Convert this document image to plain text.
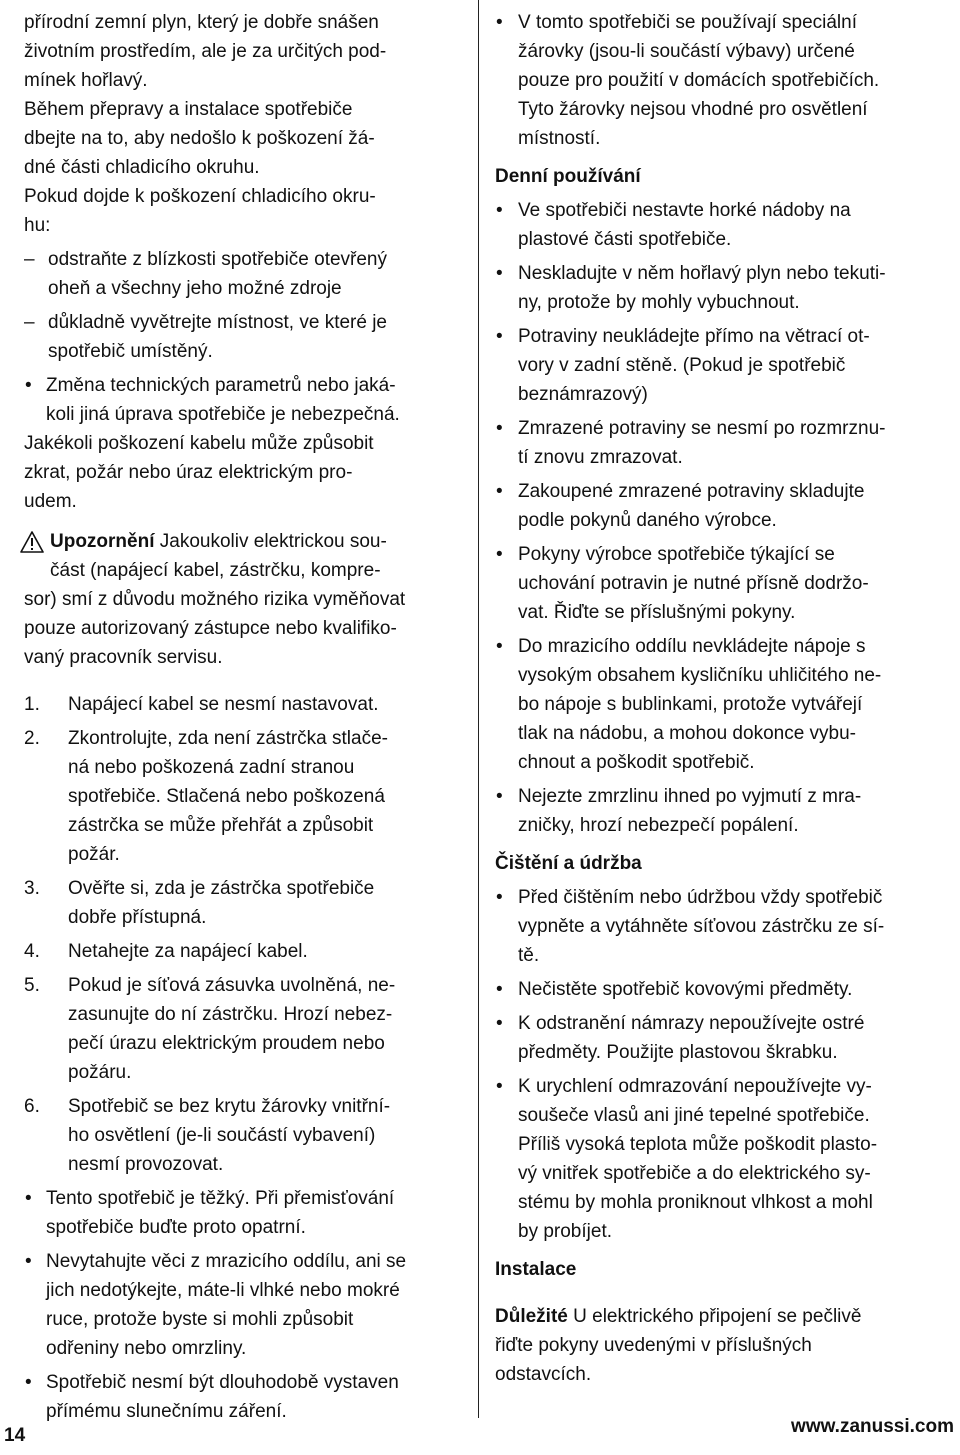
přírodní zemní plyn, který je dobře snášen
životním prostředím, ale je za určitých pod-
mínek hořlavý.

Během přepravy a instalace spotřebiče
dbejte na to, aby nedošlo k poškození žá-
dné části chladicího okruhu.

Pokud dojde k poškození chladicího okru-
hu:

– odstraňte z blízkosti spotřebiče otevřený
oheň a všechny jeho možné zdroje
– důkladně vyvětrejte místnost, ve které je
spotřebič umístěný.
• Změna technických parametrů nebo jaká-
koli jiná úprava spotřebiče je nebezpečná.

Jakékoli poškození kabelu může způsobit
zkrat, požár nebo úraz elektrickým pro-
udem.

Upozornění Jakoukoliv elektrickou sou-
část (napájecí kabel, zástrčku, kompre-
sor) smí z důvodu možného rizika vyměňovat
pouze autorizovaný zástupce nebo kvalifiko-
vaný pracovník servisu.
1. Napájecí kabel se nesmí nastavovat.
2. Zkontrolujte, zda není zástrčka stlače-
ná nebo poškozená zadní stranou
spotřebiče. Stlačená nebo poškozená
zástrčka se může přehřát a způsobit
požár.
3. Ověřte si, zda je zástrčka spotřebiče
dobře přístupná.
4. Netahejte za napájecí kabel.
5. Pokud je síťová zásuvka uvolněná, ne-
zasunujte do ní zástrčku. Hrozí nebez-
pečí úrazu elektrickým proudem nebo
požáru.
6. Spotřebič se bez krytu žárovky vnitřní-
ho osvětlení (je-li součástí vybavení)
nesmí provozovat.
• Tento spotřebič je těžký. Při přemisťování
spotřebiče buďte proto opatrní.
• Nevytahujte věci z mrazicího oddílu, ani se
jich nedotýkejte, máte-li vlhké nebo mokré
ruce, protože byste si mohli způsobit
odřeniny nebo omrzliny.
• Spotřebič nesmí být dlouhodobě vystaven
přímému slunečnímu záření.
• V tomto spotřebiči se používají speciální
žárovky (jsou-li součástí výbavy) určené
pouze pro použití v domácích spotřebičích.
Tyto žárovky nejsou vhodné pro osvětlení
místností.

Denní používání

• Ve spotřebiči nestavte horké nádoby na
plastové části spotřebiče.
• Neskladujte v něm hořlavý plyn nebo tekuti-
ny, protože by mohly vybuchnout.
• Potraviny neukládejte přímo na větrací ot-
vory v zadní stěně. (Pokud je spotřebič
beznámrazový)
• Zmrazené potraviny se nesmí po rozmrznu-
tí znovu zmrazovat.
• Zakoupené zmrazené potraviny skladujte
podle pokynů daného výrobce.
• Pokyny výrobce spotřebiče týkající se
uchování potravin je nutné přísně dodržo-
vat. Řiďte se příslušnými pokyny.
• Do mrazicího oddílu nevkládejte nápoje s
vysokým obsahem kysličníku uhličitého ne-
bo nápoje s bublinkami, protože vytvářejí
tlak na nádobu, a mohou dokonce vybu-
chnout a poškodit spotřebič.
• Nejezte zmrzlinu ihned po vyjmutí z mra-
zničky, hrozí nebezpečí popálení.

Čištění a údržba

• Před čištěním nebo údržbou vždy spotřebič
vypněte a vytáhněte síťovou zástrčku ze sí-
tě.
• Nečistěte spotřebič kovovými předměty.
• K odstranění námrazy nepoužívejte ostré
předměty. Použijte plastovou škrabku.
• K urychlení odmrazování nepoužívejte vy-
soušeče vlasů ani jiné tepelné spotřebiče.
Příliš vysoká teplota může poškodit plasto-
vý vnitřek spotřebiče a do elektrického sy-
stému by mohla proniknout vlhkost a mohl
by probíjet.

Instalace

Důležité U elektrického připojení se pečlivě
řiďte pokyny uvedenými v příslušných
odstavcích.

14	www.zanussi.com
